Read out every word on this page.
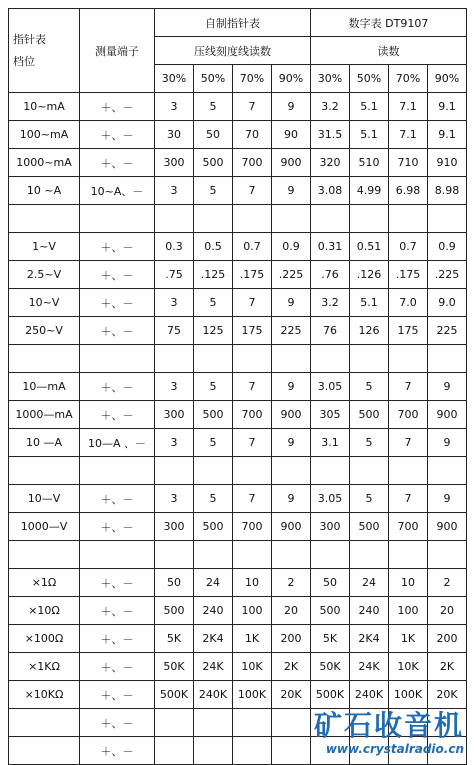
指针表
档位	测量端子	自制指针表				数字表 DT9107			
		压线刻度线读数				读数			
		30%	50%	70%	90%	30%	50%	70%	90%
10~mA	＋、－	3	5	7	9	3.2	5.1	7.1	9.1
100~mA	＋、－	30	50	70	90	31.5	5.1	7.1	9.1
1000~mA	＋、－	300	500	700	900	320	510	710	910
10 ~A	10~A、－	3	5	7	9	3.08	4.99	6.98	8.98

1~V	＋、－	0.3	0.5	0.7	0.9	0.31	0.51	0.7	0.9
2.5~V	＋、－	.75	.125	.175	.225	.76	.126	.175	.225
10~V	＋、－	3	5	7	9	3.2	5.1	7.0	9.0
250~V	＋、－	75	125	175	225	76	126	175	225

10—mA	＋、－	3	5	7	9	3.05	5	7	9
1000—mA	＋、－	300	500	700	900	305	500	700	900
10 —A	10—A 、－	3	5	7	9	3.1	5	7	9

10—V	＋、－	3	5	7	9	3.05	5	7	9
1000—V	＋、－	300	500	700	900	300	500	700	900

×1Ω	＋、－	50	24	10	2	50	24	10	2
×10Ω	＋、－	500	240	100	20	500	240	100	20
×100Ω	＋、－	5K	2K4	1K	200	5K	2K4	1K	200
×1KΩ	＋、－	50K	24K	10K	2K	50K	24K	10K	2K
×10KΩ	＋、－	500K	240K	100K	20K	500K	240K	100K	20K
	＋、－								
	＋、－								
矿石收音机
www.crystalradio.cn
